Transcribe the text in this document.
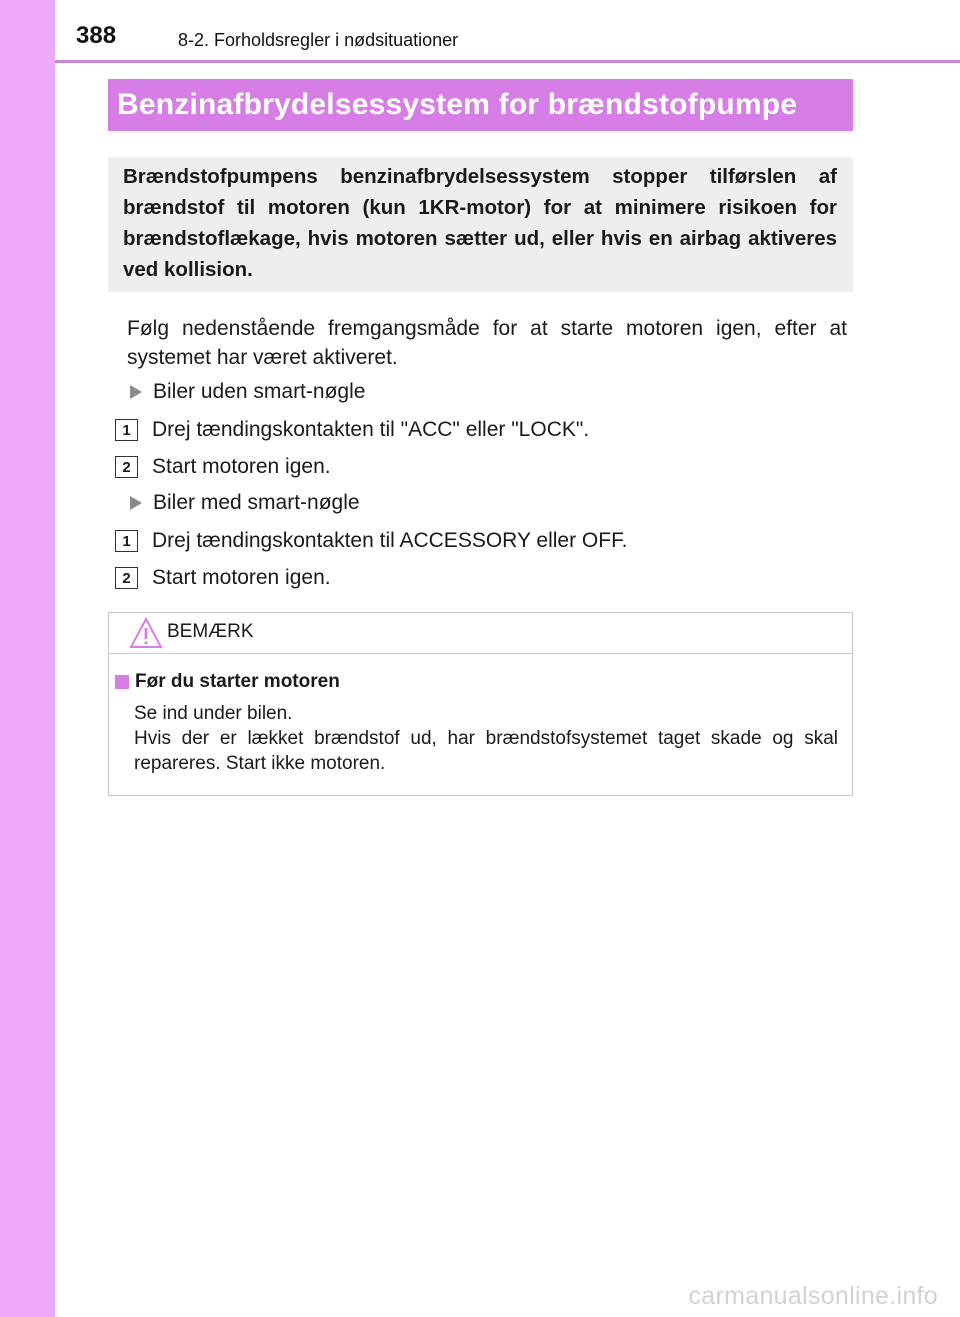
388	8-2. Forholdsregler i nødsituationer
Benzinafbrydelsessystem for brændstofpumpe
Brændstofpumpens benzinafbrydelsessystem stopper tilførslen af brændstof til motoren (kun 1KR-motor) for at minimere risikoen for brændstoflækage, hvis motoren sætter ud, eller hvis en airbag aktiveres ved kollision.
Følg nedenstående fremgangsmåde for at starte motoren igen, efter at systemet har været aktiveret.
Biler uden smart-nøgle
1	Drej tændingskontakten til "ACC" eller "LOCK".
2	Start motoren igen.
Biler med smart-nøgle
1	Drej tændingskontakten til ACCESSORY eller OFF.
2	Start motoren igen.
BEMÆRK
Før du starter motoren
Se ind under bilen.
Hvis der er lækket brændstof ud, har brændstofsystemet taget skade og skal repareres. Start ikke motoren.
carmanualsonline.info
